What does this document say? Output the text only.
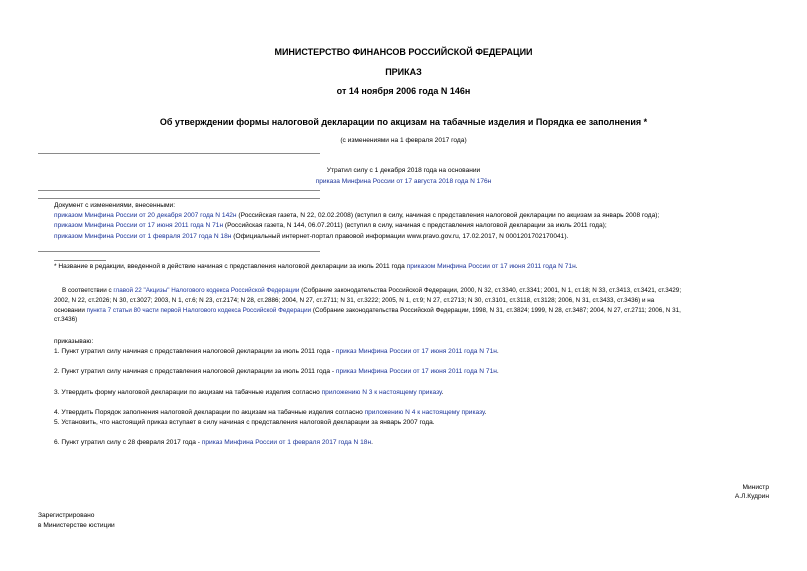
МИНИСТЕРСТВО ФИНАНСОВ РОССИЙСКОЙ ФЕДЕРАЦИИ
ПРИКАЗ
от 14 ноября 2006 года N 146н
Об утверждении формы налоговой декларации по акцизам на табачные изделия и Порядка ее заполнения *
(с изменениями на 1 февраля 2017 года)
Утратил силу с 1 декабря 2018 года на основании
приказа Минфина России от 17 августа 2018 года N 176н
Документ с изменениями, внесенными:
приказом Минфина России от 20 декабря 2007 года N 142н (Российская газета, N 22, 02.02.2008) (вступил в силу, начиная с представления налоговой декларации по акцизам за январь 2008 года);
приказом Минфина России от 17 июня 2011 года N 71н (Российская газета, N 144, 06.07.2011) (вступил в силу, начиная с представления налоговой декларации за июль 2011 года);
приказом Минфина России от 1 февраля 2017 года N 18н (Официальный интернет-портал правовой информации www.pravo.gov.ru, 17.02.2017, N 0001201702170041).
* Название в редакции, введенной в действие начиная с представления налоговой декларации за июль 2011 года приказом Минфина России от 17 июня 2011 года N 71н.
В соответствии с главой 22 "Акцизы" Налогового кодекса Российской Федерации (Собрание законодательства Российской Федерации, 2000, N 32, ст.3340, ст.3341; 2001, N 1, ст.18; N 33, ст.3413, ст.3421, ст.3429;
2002, N 22, ст.2026; N 30, ст.3027; 2003, N 1, ст.6; N 23, ст.2174; N 28, ст.2886; 2004, N 27, ст.2711; N 31, ст.3222; 2005, N 1, ст.9; N 27, ст.2713; N 30, ст.3101, ст.3118, ст.3128; 2006, N 31, ст.3433, ст.3436) и на
основании пункта 7 статьи 80 части первой Налогового кодекса Российской Федерации (Собрание законодательства Российской Федерации, 1998, N 31, ст.3824; 1999, N 28, ст.3487; 2004, N 27, ст.2711; 2006, N 31,
ст.3436)
приказываю:
1. Пункт утратил силу начиная с представления налоговой декларации за июль 2011 года - приказ Минфина России от 17 июня 2011 года N 71н.
2. Пункт утратил силу начиная с представления налоговой декларации за июль 2011 года - приказ Минфина России от 17 июня 2011 года N 71н.
3. Утвердить форму налоговой декларации по акцизам на табачные изделия согласно приложению N 3 к настоящему приказу.
4. Утвердить Порядок заполнения налоговой декларации по акцизам на табачные изделия согласно приложению N 4 к настоящему приказу.
5. Установить, что настоящий приказ вступает в силу начиная с представления налоговой декларации за январь 2007 года.
6. Пункт утратил силу с 28 февраля 2017 года - приказ Минфина России от 1 февраля 2017 года N 18н.
Министр
А.Л.Кудрин
Зарегистрировано
в Министерстве юстиции
